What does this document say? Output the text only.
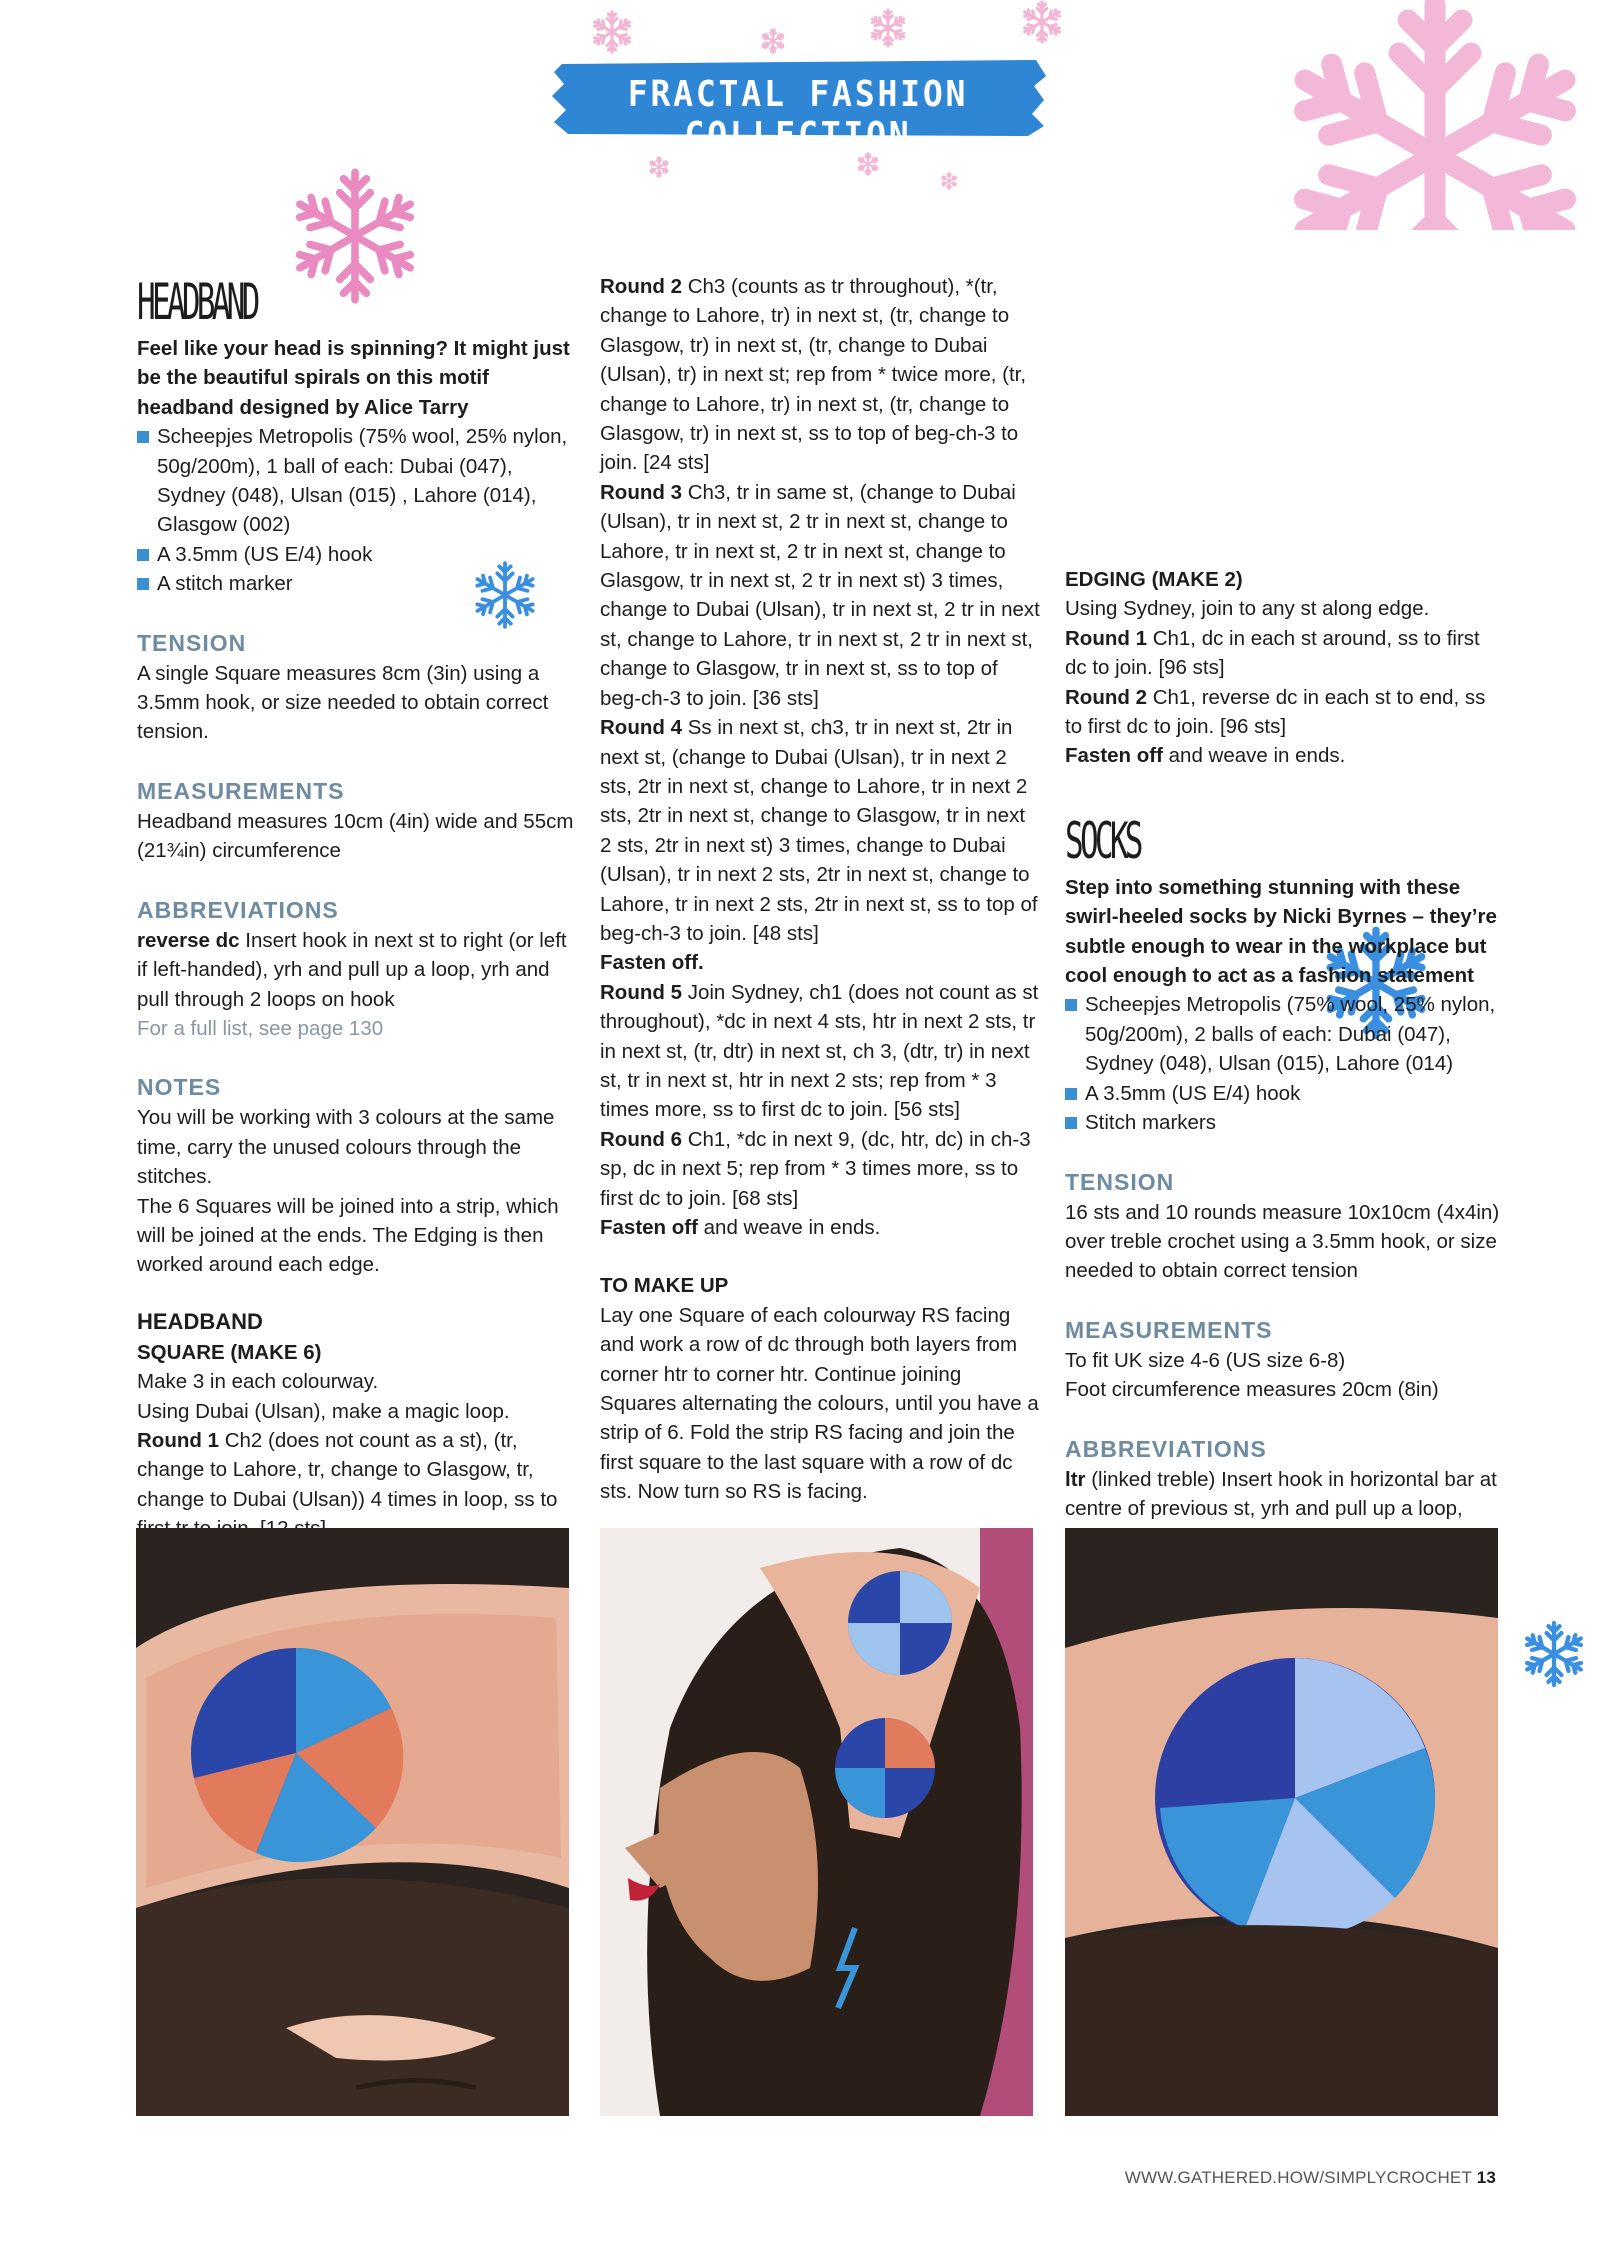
FRACTAL FASHION COLLECTION
HEADBAND

Feel like your head is spinning? It might just be the beautiful spirals on this motif headband designed by Alice Tarry

Scheepjes Metropolis (75% wool, 25% nylon, 50g/200m), 1 ball of each: Dubai (047), Sydney (048), Ulsan (015) , Lahore (014), Glasgow (002)
A 3.5mm (US E/4) hook
A stitch marker
TENSION

A single Square measures 8cm (3in) using a 3.5mm hook, or size needed to obtain correct tension.

MEASUREMENTS

Headband measures 10cm (4in) wide and 55cm (21¾in) circumference

ABBREVIATIONS

reverse dc Insert hook in next st to right (or left if left-handed), yrh and pull up a loop, yrh and pull through 2 loops on hook

For a full list, see page 130

NOTES

You will be working with 3 colours at the same time, carry the unused colours through the stitches.

The 6 Squares will be joined into a strip, which will be joined at the ends. The Edging is then worked around each edge.

HEADBAND
SQUARE (MAKE 6)

Make 3 in each colourway.

Using Dubai (Ulsan), make a magic loop.

Round 1 Ch2 (does not count as a st), (tr, change to Lahore, tr, change to Glasgow, tr, change to Dubai (Ulsan)) 4 times in loop, ss to

Round 2 Ch3 (counts as tr throughout), *(tr, change to Lahore, tr) in next st, (tr, change to Glasgow, tr) in next st, (tr, change to Dubai (Ulsan), tr) in next st; rep from * twice more, (tr, change to Lahore, tr) in next st, (tr, change to Glasgow, tr) in next st, ss to top of beg-ch-3 to join. [24 sts]

Round 3 Ch3, tr in same st, (change to Dubai (Ulsan), tr in next st, 2 tr in next st, change to Lahore, tr in next st, 2 tr in next st, change to Glasgow, tr in next st, 2 tr in next st) 3 times, change to Dubai (Ulsan), tr in next st, 2 tr in next st, change to Lahore, tr in next st, 2 tr in next st, change to Glasgow, tr in next st, ss to top of beg-ch-3 to join. [36 sts]

Round 4 Ss in next st, ch3, tr in next st, 2tr in next st, (change to Dubai (Ulsan), tr in next 2 sts, 2tr in next st, change to Lahore, tr in next 2 sts, 2tr in next st, change to Glasgow, tr in next 2 sts, 2tr in next st) 3 times, change to Dubai (Ulsan), tr in next 2 sts, 2tr in next st, change to Lahore, tr in next 2 sts, 2tr in next st, ss to top of beg-ch-3 to join. [48 sts]

Fasten off.

Round 5 Join Sydney, ch1 (does not count as st throughout), *dc in next 4 sts, htr in next 2 sts, tr in next st, (tr, dtr) in next st, ch 3, (dtr, tr) in next st, tr in next st, htr in next 2 sts; rep from * 3 times more, ss to first dc to join. [56 sts]

Round 6 Ch1, *dc in next 9, (dc, htr, dc) in ch-3 sp, dc in next 5; rep from * 3 times more, ss to first dc to join. [68 sts]

Fasten off and weave in ends.

TO MAKE UP

Lay one Square of each colourway RS facing and work a row of dc through both layers from corner htr to corner htr. Continue joining Squares alternating the colours, until you have a strip of 6. Fold the strip RS facing and join the first square to the last square with a row of dc sts. Now turn so RS is facing.

EDGING (MAKE 2)

Using Sydney, join to any st along edge.

Round 1 Ch1, dc in each st around, ss to first dc to join. [96 sts]

Round 2 Ch1, reverse dc in each st to end, ss to first dc to join. [96 sts]

Fasten off and weave in ends.

SOCKS

Step into something stunning with these swirl-heeled socks by Nicki Byrnes – they’re subtle enough to wear in the workplace but cool enough to act as a fashion statement

Scheepjes Metropolis (75% wool, 25% nylon, 50g/200m), 2 balls of each: Dubai (047), Sydney (048), Ulsan (015), Lahore (014)
A 3.5mm (US E/4) hook
Stitch markers
TENSION

16 sts and 10 rounds measure 10x10cm (4x4in) over treble crochet using a 3.5mm hook, or size needed to obtain correct tension

MEASUREMENTS

To fit UK size 4-6 (US size 6-8)

Foot circumference measures 20cm (8in)

ABBREVIATIONS

ltr (linked treble) Insert hook in horizontal bar at centre of previous st, yrh and pull up a loop,

WWW.GATHERED.HOW/SIMPLYCROCHET 13
